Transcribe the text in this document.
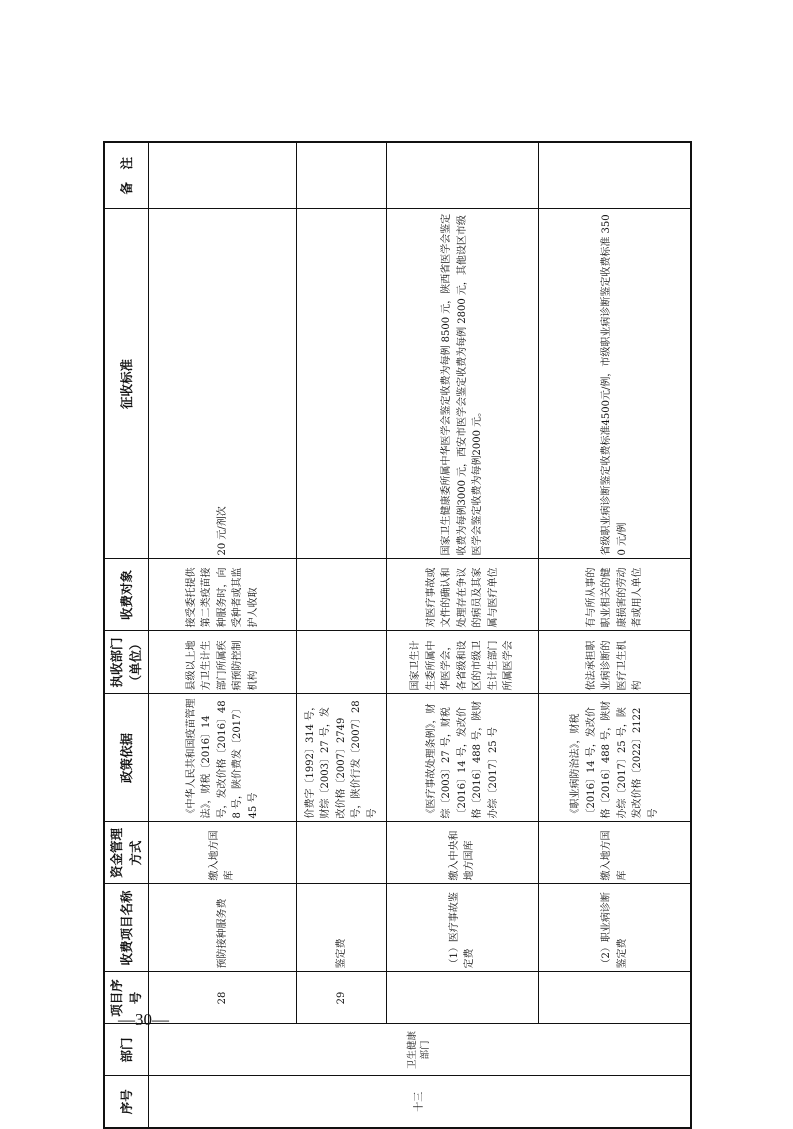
序号	部门	项目序号	收费项目名称	资金管理方式	政策依据	执收部门（单位）	收费对象	征收标准	备　注
十三	卫生健康部门	28	预防接种服务费	缴入地方国库	《中华人民共和国疫苗管理法》，财税〔2016〕14 号，发改价格〔2016〕488 号，陕价费发〔2017〕45 号	县级以上地方卫生计生部门所属疾病预防控制机构	接受委托提供第二类疫苗接种服务时，向受种者或其监护人收取	20 元/剂次	
		29	鉴定费		价费字〔1992〕314 号，财综〔2003〕27 号，发改价格〔2007〕2749 号，陕价行发〔2007〕28 号				
			（1）医疗事故鉴定费	缴入中央和地方国库	《医疗事故处理条例》，财综〔2003〕27 号，财税〔2016〕14 号，发改价格〔2016〕488 号，陕财办综〔2017〕25 号	国家卫生计生委所属中华医学会，各省级和设区的市级卫生计生部门所属医学会	对医疗事故或文件的确认和处理存在争议的病员及其家属与医疗单位	国家卫生健康委所属中华医学会鉴定收费为每例 8500 元，陕西省医学会鉴定收费为每例3000 元，西安市医学会鉴定收费为每例 2800 元，其他设区市级医学会鉴定收费为每例2000 元。	
			（2）职业病诊断鉴定费	缴入地方国库	《职业病防治法》，财税〔2016〕14 号，发改价格〔2016〕488 号，陕财办综〔2017〕25 号，陕发改价格〔2022〕2122 号	依法承担职业病诊断的医疗卫生机构	有与所从事的职业相关的健康损害的劳动者或用人单位	省级职业病诊断鉴定收费标准4500元/例，市级职业病诊断鉴定收费标准 3500 元/例	
—30—
